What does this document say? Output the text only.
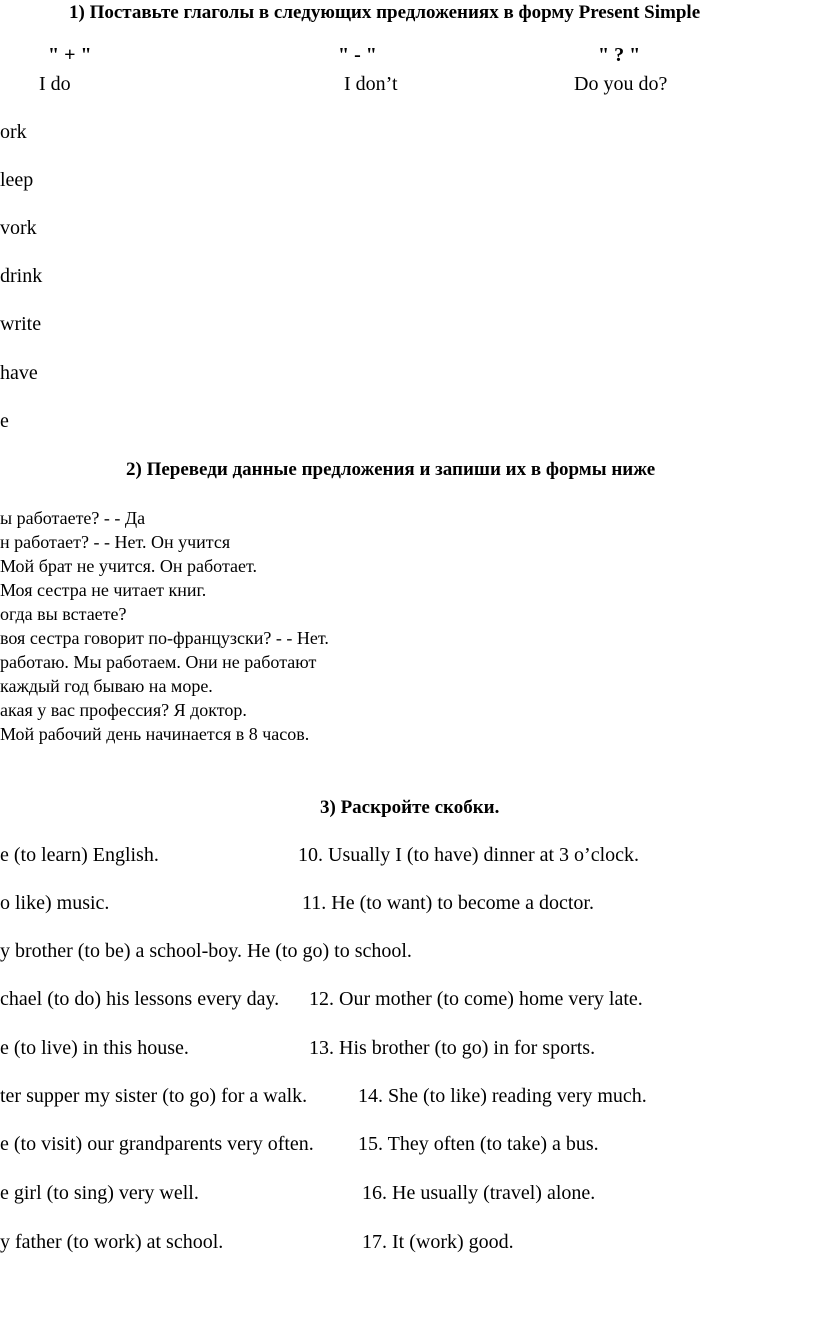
1) Поставьте глаголы в следующих предложениях в форму Present Simple
" + "	" - "	" ? "
I do	I don’t	Do you do?
ork
leep
vork
drink
write
have
e
2) Переведи данные предложения и запиши их в формы ниже
ы работаете? - - Да
н работает? - - Нет. Он учится
Мой брат не учится. Он работает.
Моя сестра не читает книг.
огда вы встаете?
воя сестра говорит по-французски? - - Нет.
работаю. Мы работаем. Они не работают
каждый год бываю на море.
акая у вас профессия? Я доктор.
Мой рабочий день начинается в 8 часов.
3) Раскройте скобки.
e (to learn) English.	10. Usually I (to have) dinner at 3 o’clock.
o like) music.	11. He (to want) to become a doctor.
y brother (to be) a school-boy. He (to go) to school.
chael (to do) his lessons every day. 12. Our mother (to come) home very late.
e (to live) in this house.	13. His brother (to go) in for sports.
ter supper my sister (to go) for a walk.	14. She (to like) reading very much.
e (to visit) our grandparents very often. 15. They often (to take) a bus.
e girl (to sing) very well.	16. He usually (travel) alone.
y father (to work) at school.	17. It (work) good.
